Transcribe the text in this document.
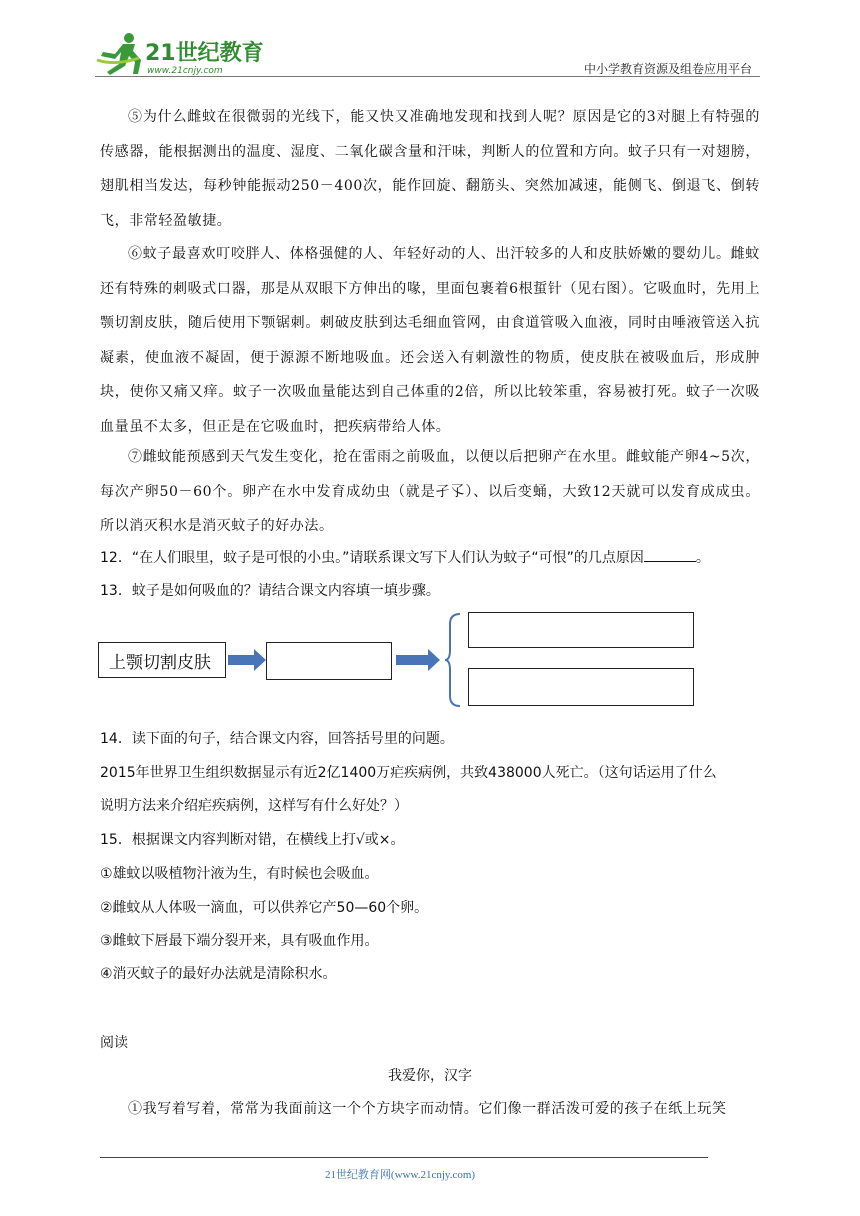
21世纪教育
www.21cnjy.com	中小学教育资源及组卷应用平台
⑤为什么雌蚊在很微弱的光线下，能又快又准确地发现和找到人呢？原因是它的3对腿上有特强的传感器，能根据测出的温度、湿度、二氧化碳含量和汗味，判断人的位置和方向。蚊子只有一对翅膀，翅肌相当发达，每秒钟能振动250－400次，能作回旋、翻筋头、突然加减速，能侧飞、倒退飞、倒转飞，非常轻盈敏捷。
⑥蚊子最喜欢叮咬胖人、体格强健的人、年轻好动的人、出汗较多的人和皮肤娇嫩的婴幼儿。雌蚊还有特殊的刺吸式口器，那是从双眼下方伸出的喙，里面包裹着6根蜇针（见右图）。它吸血时，先用上颚切割皮肤，随后使用下颚锯刺。刺破皮肤到达毛细血管网，由食道管吸入血液，同时由唾液管送入抗凝素，使血液不凝固，便于源源不断地吸血。还会送入有刺激性的物质，使皮肤在被吸血后，形成肿块，使你又痛又痒。蚊子一次吸血量能达到自己体重的2倍，所以比较笨重，容易被打死。蚊子一次吸血量虽不太多，但正是在它吸血时，把疾病带给人体。
⑦雌蚊能预感到天气发生变化，抢在雷雨之前吸血，以便以后把卵产在水里。雌蚊能产卵4~5次，每次产卵50－60个。卵产在水中发育成幼虫（就是孑孓）、以后变蛹，大致12天就可以发育成成虫。所以消灭积水是消灭蚊子的好办法。
12．“在人们眼里，蚊子是可恨的小虫。”请联系课文写下人们认为蚊子“可恨”的几点原因	。
13．蚊子是如何吸血的？请结合课文内容填一填步骤。
上颚切割皮肤
14．读下面的句子，结合课文内容，回答括号里的问题。
2015年世界卫生组织数据显示有近2亿1400万疟疾病例，共致438000人死亡。（这句话运用了什么
说明方法来介绍疟疾病例，这样写有什么好处？）
15．根据课文内容判断对错，在横线上打√或×。
①雄蚊以吸植物汁液为生，有时候也会吸血。
②雌蚊从人体吸一滴血，可以供养它产50—60个卵。
③雌蚊下唇最下端分裂开来，具有吸血作用。
④消灭蚊子的最好办法就是清除积水。
阅读
我爱你，汉字
①我写着写着，常常为我面前这一个个方块字而动情。它们像一群活泼可爱的孩子在纸上玩笑
21世纪教育网(www.21cnjy.com)
